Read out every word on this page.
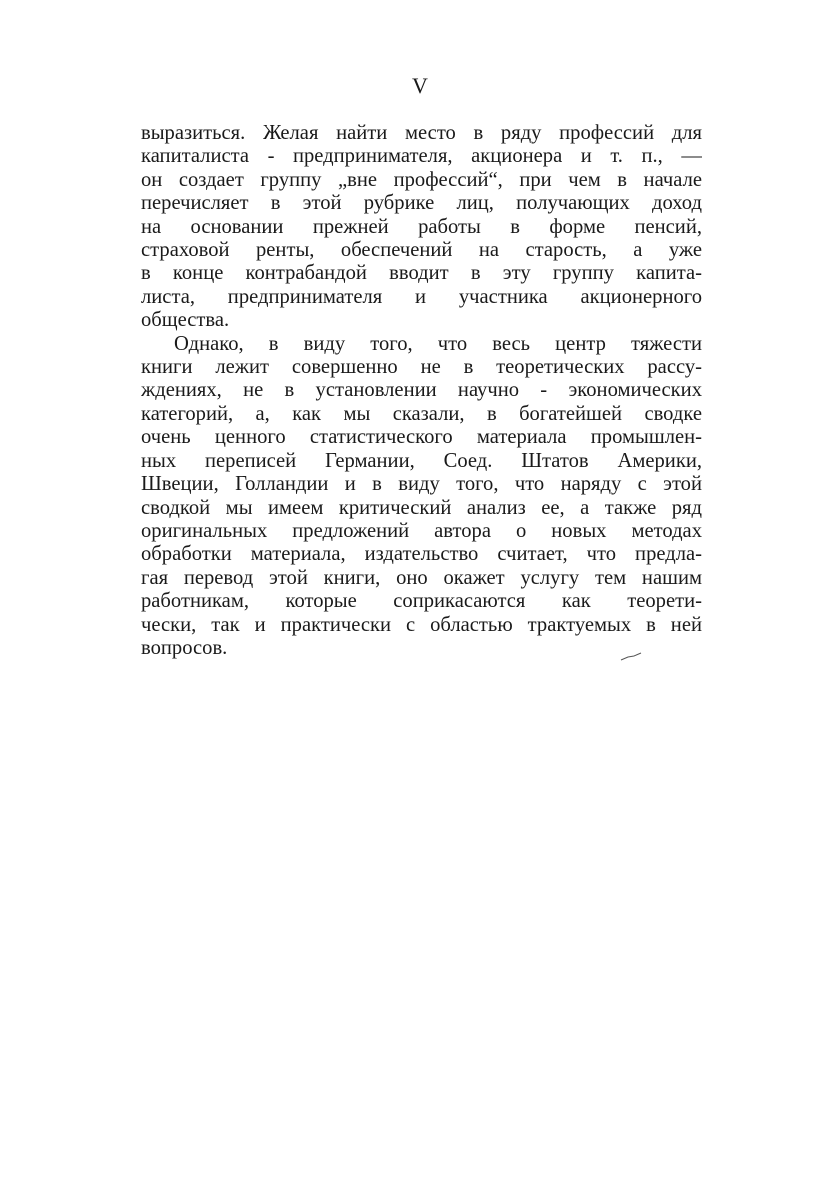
V
выразиться. Желая найти место в ряду профессий для
капиталиста - предпринимателя, акционера и т. п., —
он создает группу „вне профессий“, при чем в начале
перечисляет в этой рубрике лиц, получающих доход
на основании прежней работы в форме пенсий,
страховой ренты, обеспечений на старость, а уже
в конце контрабандой вводит в эту группу капита-
листа, предпринимателя и участника акционерного
общества.
Однако, в виду того, что весь центр тяжести
книги лежит совершенно не в теоретических рассу-
ждениях, не в установлении научно - экономических
категорий, а, как мы сказали, в богатейшей сводке
очень ценного статистического материала промышлен-
ных переписей Германии, Соед. Штатов Америки,
Швеции, Голландии и в виду того, что наряду с этой
сводкой мы имеем критический анализ ее, а также ряд
оригинальных предложений автора о новых методах
обработки материала, издательство считает, что предла-
гая перевод этой книги, оно окажет услугу тем нашим
работникам, которые соприкасаются как теорети-
чески, так и практически с областью трактуемых в ней
вопросов.
